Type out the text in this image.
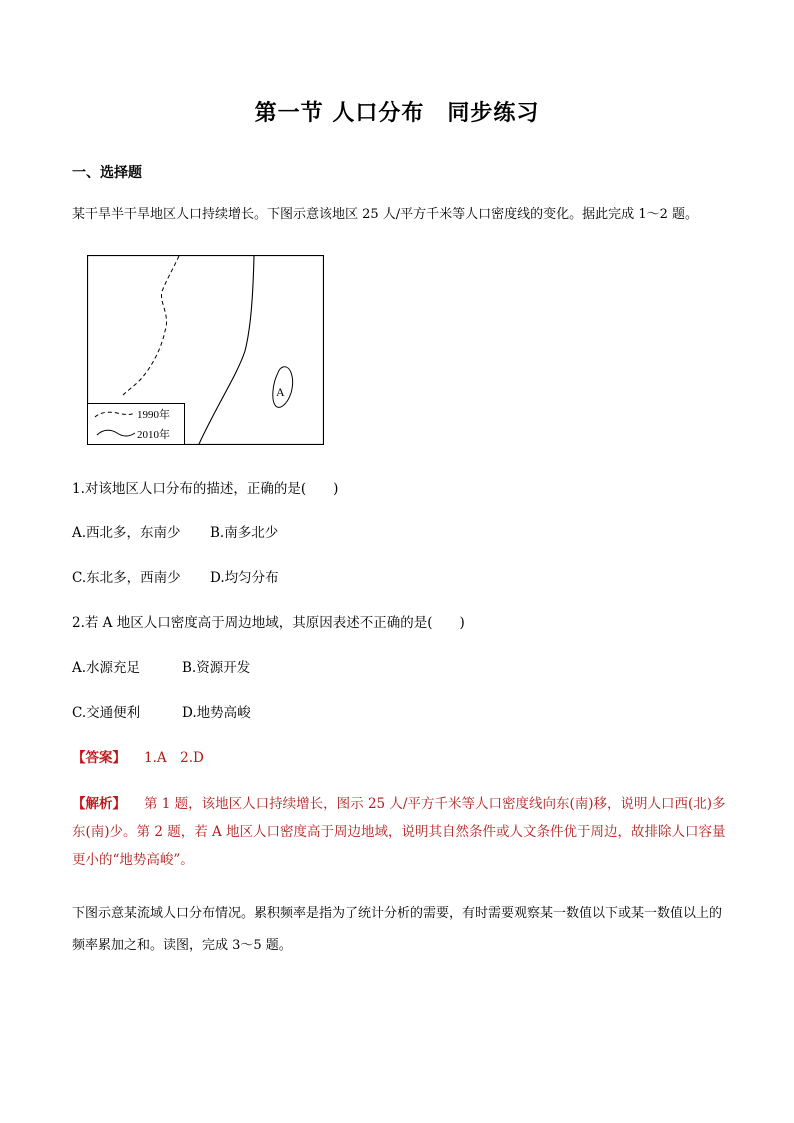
第一节 人口分布　同步练习
一、选择题
某干旱半干旱地区人口持续增长。下图示意该地区 25 人/平方千米等人口密度线的变化。据此完成 1～2 题。
A
1990年
2010年
1.对该地区人口分布的描述，正确的是(　　)
A.西北多，东南少 B.南多北少
C.东北多，西南少 D.均匀分布
2.若 A 地区人口密度高于周边地域，其原因表述不正确的是(　　)
A.水源充足	B.资源开发
C.交通便利	D.地势高峻
【答案】 1.A　2.D
【解析】 第 1 题，该地区人口持续增长，图示 25 人/平方千米等人口密度线向东(南)移，说明人口西(北)多东(南)少。第 2 题，若 A 地区人口密度高于周边地域，说明其自然条件或人文条件优于周边，故排除人口容量更小的“地势高峻”。
下图示意某流域人口分布情况。累积频率是指为了统计分析的需要，有时需要观察某一数值以下或某一数值以上的频率累加之和。读图，完成 3～5 题。
